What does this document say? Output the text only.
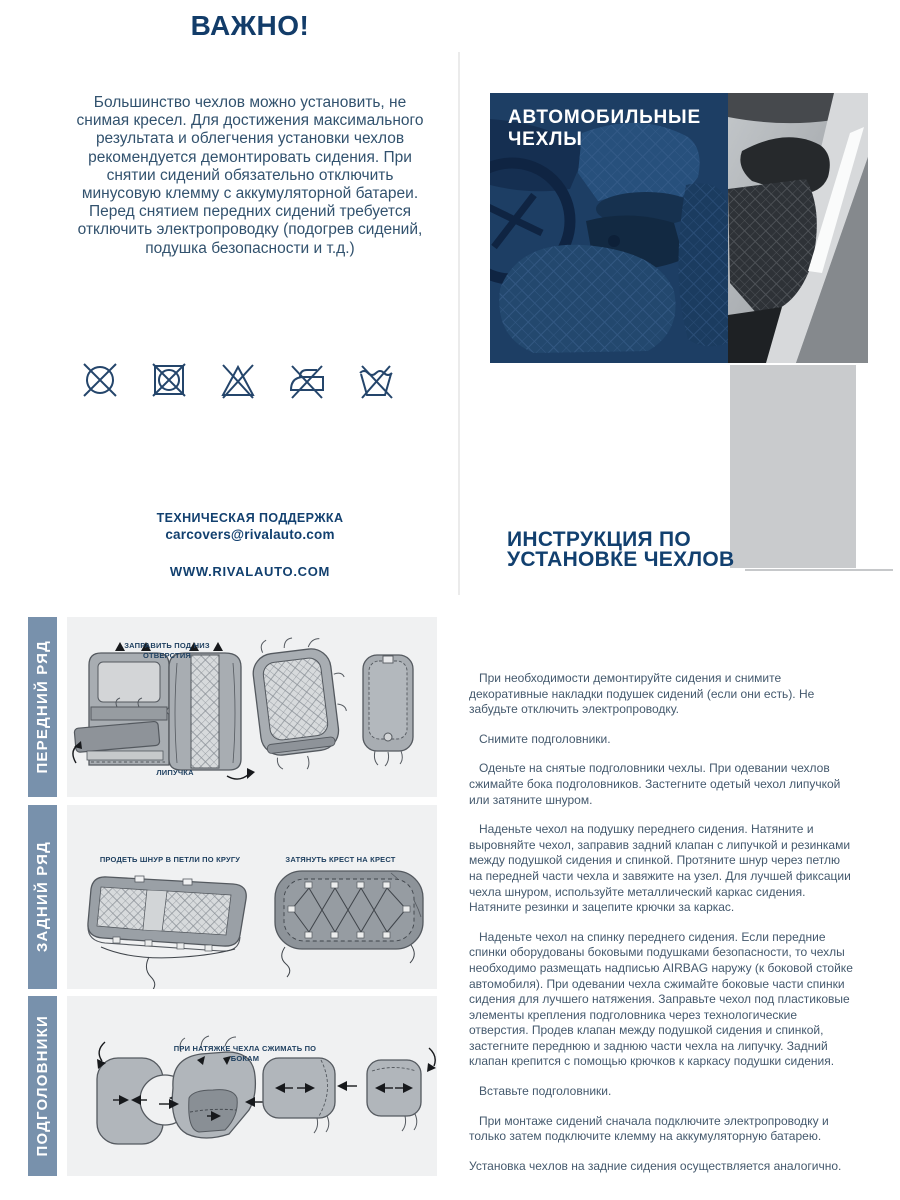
ВАЖНО!
Большинство чехлов можно установить, не снимая кресел. Для достижения максимального результата и облегчения установки чехлов рекомендуется демонтировать сидения. При снятии сидений обязательно отключить минусовую клемму с аккумуляторной батареи. Перед снятием передних сидений требуется отключить электропроводку (подогрев сидений, подушка безопасности и т.д.)
ТЕХНИЧЕСКАЯ ПОДДЕРЖКА
carcovers@rivalauto.com
WWW.RIVALAUTO.COM
АВТОМОБИЛЬНЫЕ
ЧЕХЛЫ
ИНСТРУКЦИЯ ПО
УСТАНОВКЕ ЧЕХЛОВ
ПЕРЕДНИЙ РЯД	ЗАПРАВИТЬ ПОД НИЗ ОТВЕРСТИЯ
ЛИПУЧКА
ЗАДНИЙ РЯД	ПРОДЕТЬ ШНУР В ПЕТЛИ ПО КРУГУ	ЗАТЯНУТЬ КРЕСТ НА КРЕСТ
ПОДГОЛОВНИКИ	ПРИ НАТЯЖКЕ ЧЕХЛА СЖИМАТЬ ПО БОКАМ

При необходимости демонтируйте сидения и снимите декоративные накладки подушек сидений (если они есть). Не забудьте отключить электропроводку.

Снимите подголовники.

Оденьте на снятые подголовники чехлы. При одевании чехлов сжимайте бока подголовников. Застегните одетый чехол липучкой или затяните шнуром.

Наденьте чехол на подушку переднего сидения. Натяните и выровняйте чехол, заправив задний клапан с липучкой и резинками между подушкой сидения и спинкой. Протяните шнур через петлю на передней части чехла и завяжите на узел. Для лучшей фиксации чехла шнуром, используйте металлический каркас сидения. Натяните резинки и зацепите крючки за каркас.

Наденьте чехол на спинку переднего сидения. Если передние спинки оборудованы боковыми подушками безопасности, то чехлы необходимо размещать надписью AIRBAG наружу (к боковой стойке автомобиля). При одевании чехла сжимайте боковые части спинки сидения для лучшего натяжения. Заправьте чехол под пластиковые элементы крепления подголовника через технологические отверстия. Продев клапан между подушкой сидения и спинкой, застегните переднюю и заднюю части чехла на липучку. Задний клапан крепится с помощью крючков к каркасу подушки сидения.

Вставьте подголовники.

При монтаже сидений сначала подключите электропроводку и только затем подключите клемму на аккумуляторную батарею.

Установка чехлов на задние сидения осуществляется аналогично.
